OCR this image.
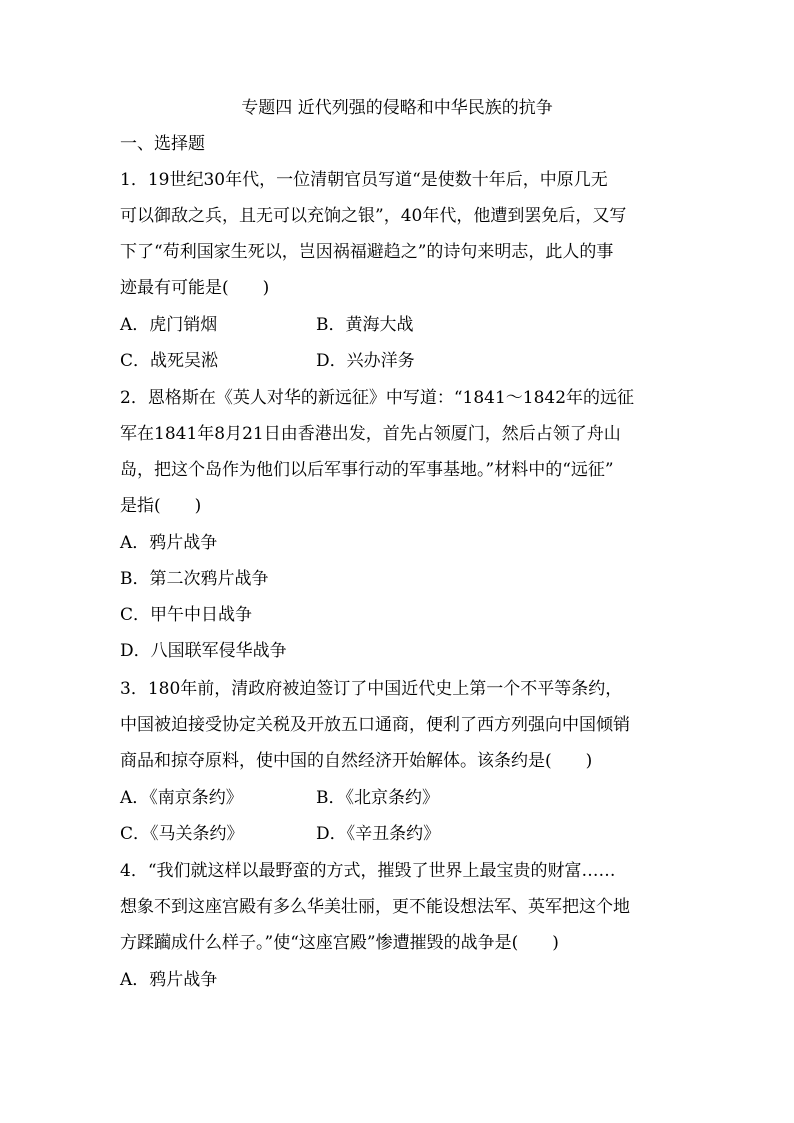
专题四 近代列强的侵略和中华民族的抗争
一、选择题
1．19世纪30年代，一位清朝官员写道“是使数十年后，中原几无
可以御敌之兵，且无可以充饷之银”，40年代，他遭到罢免后，又写
下了“苟利国家生死以，岂因祸福避趋之”的诗句来明志，此人的事
迹最有可能是(　　)
A．虎门销烟	B．黄海大战
C．战死吴淞	D．兴办洋务
2．恩格斯在《英人对华的新远征》中写道：“1841～1842年的远征
军在1841年8月21日由香港出发，首先占领厦门，然后占领了舟山
岛，把这个岛作为他们以后军事行动的军事基地。”材料中的“远征”
是指(　　)
A．鸦片战争
B．第二次鸦片战争
C．甲午中日战争
D．八国联军侵华战争
3．180年前，清政府被迫签订了中国近代史上第一个不平等条约，
中国被迫接受协定关税及开放五口通商，便利了西方列强向中国倾销
商品和掠夺原料，使中国的自然经济开始解体。该条约是(　　)
A．《南京条约》	B．《北京条约》
C．《马关条约》	D．《辛丑条约》
4．“我们就这样以最野蛮的方式，摧毁了世界上最宝贵的财富……
想象不到这座宫殿有多么华美壮丽，更不能设想法军、英军把这个地
方蹂躏成什么样子。”使“这座宫殿”惨遭摧毁的战争是(　　)
A．鸦片战争
